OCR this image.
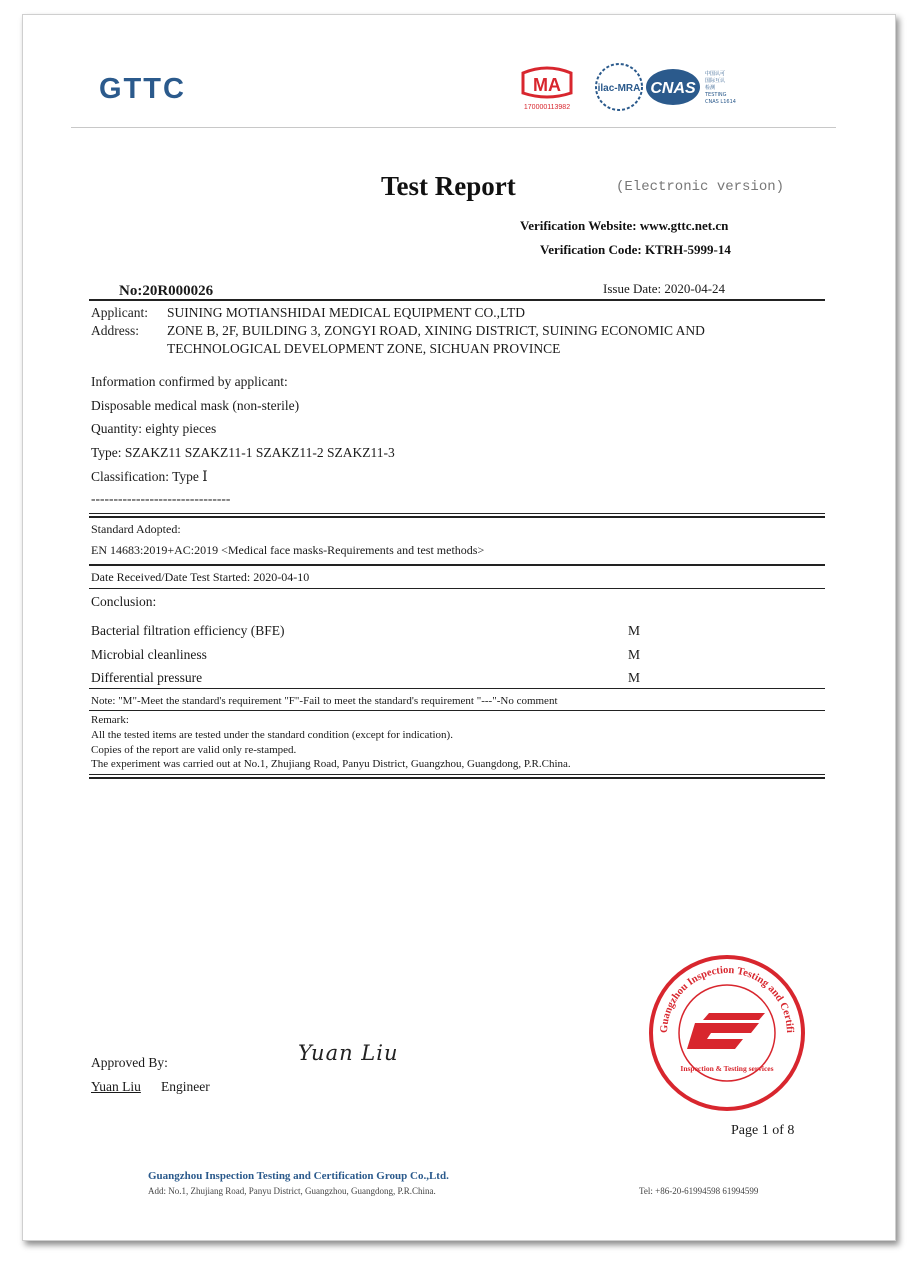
GTTC	MA
170000113982
ilac-MRA CNAS
中国认可
国际互认
检测
TESTING
CNAS L1614
Test Report	(Electronic version)
Verification Website: www.gttc.net.cn
Verification Code: KTRH-5999-14
No:20R000026	Issue Date: 2020-04-24
Applicant: SUINING MOTIANSHIDAI MEDICAL EQUIPMENT CO.,LTD
Address: ZONE B, 2F, BUILDING 3, ZONGYI ROAD, XINING DISTRICT, SUINING ECONOMIC AND
TECHNOLOGICAL DEVELOPMENT ZONE, SICHUAN PROVINCE
Information confirmed by applicant:
Disposable medical mask (non-sterile)
Quantity: eighty pieces
Type: SZAKZ11 SZAKZ11-1 SZAKZ11-2 SZAKZ11-3
Classification: Type Ⅰ
-------------------------------
Standard Adopted:
EN 14683:2019+AC:2019 <Medical face masks-Requirements and test methods>
Date Received/Date Test Started: 2020-04-10
Conclusion:
Bacterial filtration efficiency (BFE)	M
Microbial cleanliness	M
Differential pressure	M
Note: "M"-Meet the standard's requirement "F"-Fail to meet the standard's requirement "---"-No comment
Remark:
All the tested items are tested under the standard condition (except for indication).
Copies of the report are valid only re-stamped.
The experiment was carried out at No.1, Zhujiang Road, Panyu District, Guangzhou, Guangdong, P.R.China.
Approved By:	Yuan Liu
Yuan Liu Engineer
Guangzhou Inspection Testing and Certifi
Inspection & Testing services
Page 1 of 8
Guangzhou Inspection Testing and Certification Group Co.,Ltd.
Add: No.1, Zhujiang Road, Panyu District, Guangzhou, Guangdong, P.R.China.	Tel: +86-20-61994598 61994599
